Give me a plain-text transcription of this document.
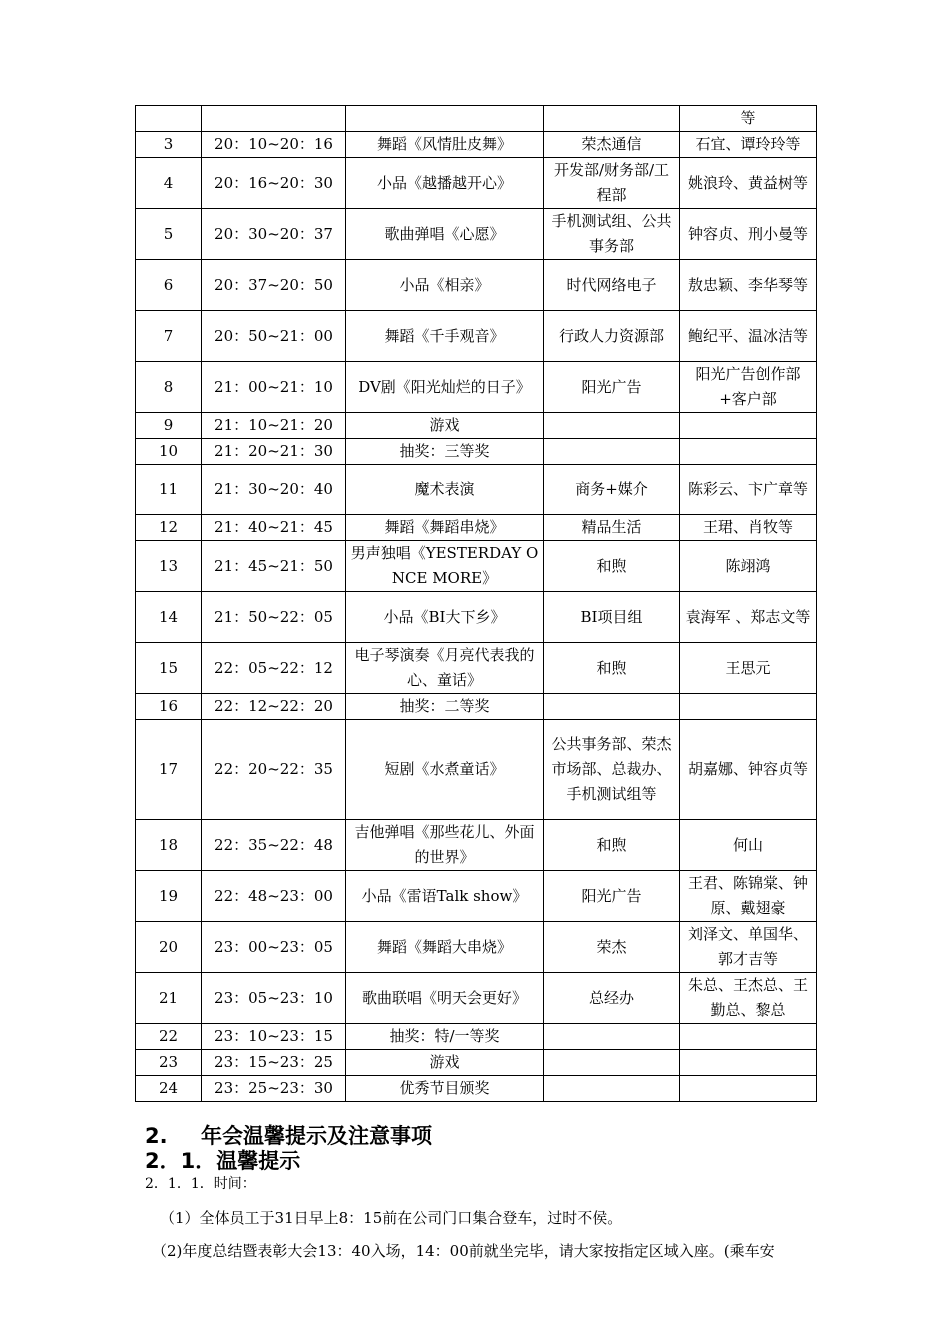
				等
3	20：10~20：16	舞蹈《风情肚皮舞》	荣杰通信	石宜、谭玲玲等
4	20：16~20：30	小品《越播越开心》	开发部/财务部/工程部	姚浪玲、黄益树等
5	20：30~20：37	歌曲弹唱《心愿》	手机测试组、公共事务部	钟容贞、刑小曼等
6	20：37~20：50	小品《相亲》	时代网络电子	敖忠颖、李华琴等
7	20：50~21：00	舞蹈《千手观音》	行政人力资源部	鲍纪平、温冰洁等
8	21：00~21：10	DV剧《阳光灿烂的日子》	阳光广告	阳光广告创作部+客户部
9	21：10~21：20	游戏		
10	21：20~21：30	抽奖：三等奖		
11	21：30~20：40	魔术表演	商务+媒介	陈彩云、卞广章等
12	21：40~21：45	舞蹈《舞蹈串烧》	精品生活	王珺、肖牧等
13	21：45~21：50	男声独唱《YESTERDAY ONCE MORE》	和煦	陈翊鸿
14	21：50~22：05	小品《BI大下乡》	BI项目组	袁海军 、郑志文等
15	22：05~22：12	电子琴演奏《月亮代表我的心、童话》	和煦	王思元
16	22：12~22：20	抽奖：二等奖		
17	22：20~22：35	短剧《水煮童话》	公共事务部、荣杰市场部、总裁办、手机测试组等	胡嘉娜、钟容贞等
18	22：35~22：48	吉他弹唱《那些花儿、外面的世界》	和煦	何山
19	22：48~23：00	小品《雷语Talk show》	阳光广告	王君、陈锦棠、钟原、戴翅豪
20	23：00~23：05	舞蹈《舞蹈大串烧》	荣杰	刘泽文、单国华、郭才吉等
21	23：05~23：10	歌曲联唱《明天会更好》	总经办	朱总、王杰总、王勤总、黎总
22	23：10~23：15	抽奖：特/一等奖		
23	23：15~23：25	游戏		
24	23：25~23：30	优秀节目颁奖		
2. 年会温馨提示及注意事项
2．1．温馨提示
2．1．1．时间：
（1）全体员工于31日早上8：15前在公司门口集合登车，过时不侯。
（2)年度总结暨表彰大会13：40入场，14：00前就坐完毕，请大家按指定区域入座。(乘车安
